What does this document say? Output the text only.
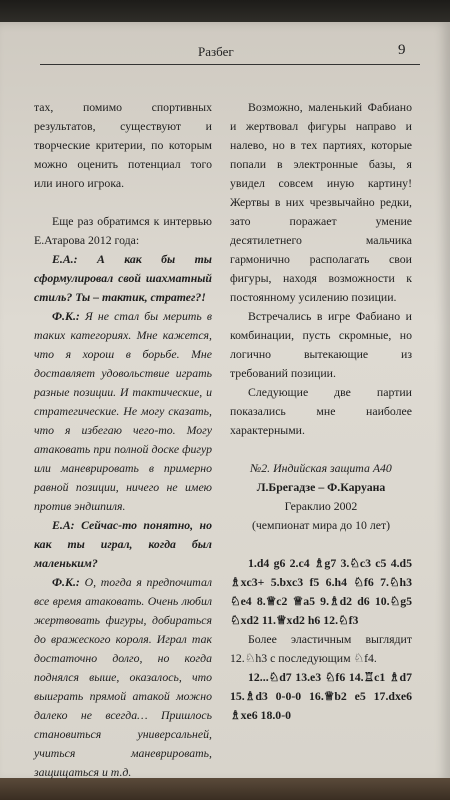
Разбег	9

тах, помимо спортивных результатов, существуют и творческие критерии, по которым можно оценить потенциал того или иного игрока.

Еще раз обратимся к интервью Е.Атарова 2012 года:

Е.А.: А как бы ты сформулировал свой шахматный стиль? Ты – тактик, стратег?!

Ф.К.: Я не стал бы мерить в таких категориях. Мне кажется, что я хорош в борьбе. Мне доставляет удовольствие играть разные позиции. И тактические, и стратегические. Не могу сказать, что я избегаю чего-то. Могу атаковать при полной доске фигур или маневрировать в примерно равной позиции, ничего не имею против эндшпиля.

Е.А: Сейчас-то понятно, но как ты играл, когда был маленьким?

Ф.К.: О, тогда я предпочитал все время атаковать. Очень любил жертвовать фигуры, добираться до вражеского короля. Играл так достаточно долго, но когда поднялся выше, оказалось, что выиграть прямой атакой можно далеко не всегда… Пришлось становиться универсальней, учиться маневрировать, защищаться и т.д.

Возможно, маленький Фабиано и жертвовал фигуры направо и налево, но в тех партиях, которые попали в электронные базы, я увидел совсем иную картину! Жертвы в них чрезвычайно редки, зато поражает умение десятилетнего мальчика гармонично располагать свои фигуры, находя возможности к постоянному усилению позиции.

Встречались в игре Фабиано и комбинации, пусть скромные, но логично вытекающие из требований позиции.

Следующие две партии показались мне наиболее характерными.

№2. Индийская защита A40

Л.Брегадзе – Ф.Каруана

Гераклио 2002

(чемпионат мира до 10 лет)

1.d4 g6 2.c4 ♗g7 3.♘c3 c5 4.d5 ♗xc3+ 5.bxc3 f5 6.h4 ♘f6 7.♘h3 ♘e4 8.♕c2 ♕a5 9.♗d2 d6 10.♘g5 ♘xd2 11.♕xd2 h6 12.♘f3

Более эластичным выглядит 12.♘h3 с последующим ♘f4.

12...♘d7 13.e3 ♘f6 14.♖c1 ♗d7 15.♗d3 0-0-0 16.♕b2 e5 17.dxe6 ♗xe6 18.0-0
